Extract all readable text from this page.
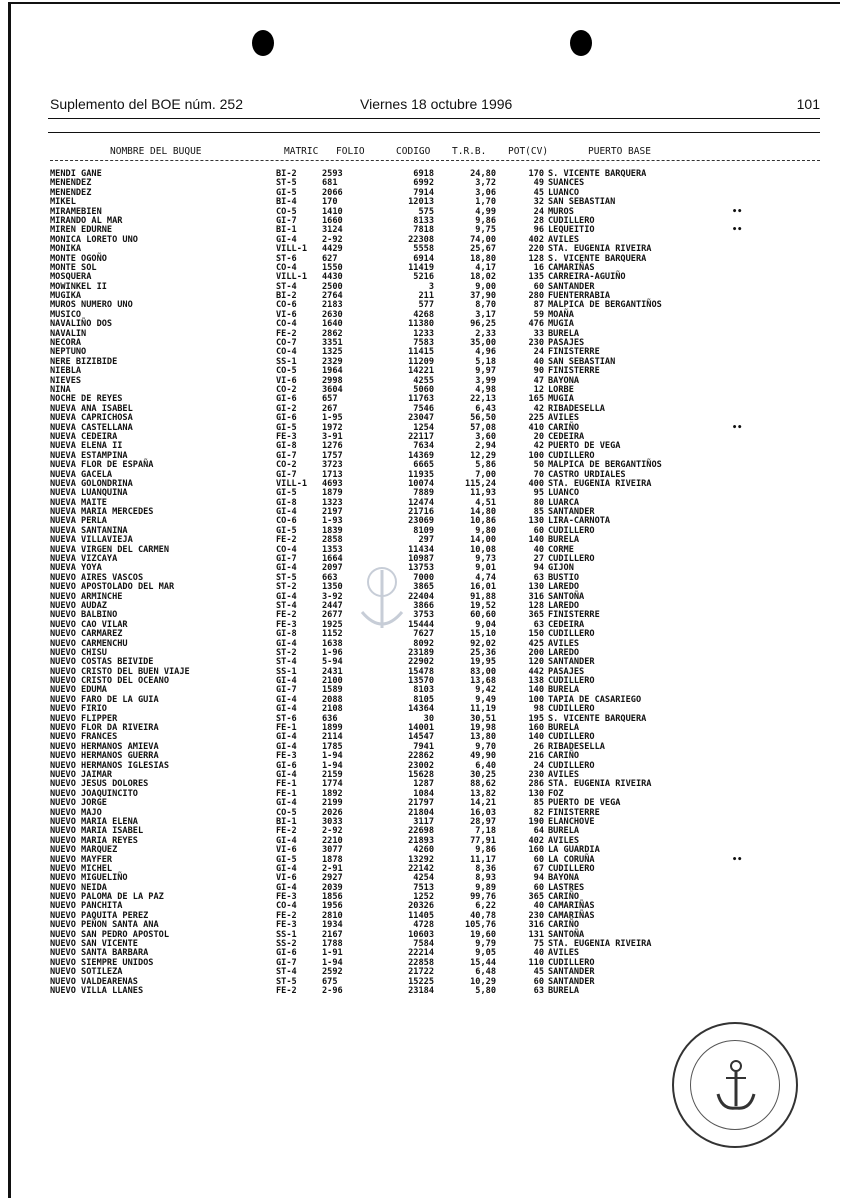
Suplemento del BOE núm. 252	Viernes 18 octubre 1996	101
NOMBRE DEL BUQUE	MATRIC FOLIO	CODIGO T.R.B. POT(CV)	PUERTO BASE
MENDI GANE	BI-2	2593	6918	24,80	170 S. VICENTE BARQUERA
MENENDEZ	ST-5	681	6992	3,72	49 SUANCES
MENENDEZ	GI-5	2066	7914	3,06	45 LUANCO
MIKEL	BI-4	170	12013	1,70	32 SAN SEBASTIAN
MIRAMEBIEN	CO-5	1410	575	4,99	24 MUROS	••
MIRANDO AL MAR	GI-7	1660	8133	9,86	28 CUDILLERO
MIREN EDURNE	BI-1	3124	7818	9,75	96 LEQUEITIO	••
MONICA LORETO UNO	GI-4	2-92	22308	74,00	402 AVILES
MONIKA	VILL-1 4429	5558	25,67	220 STA. EUGENIA RIVEIRA
MONTE OGOÑO	ST-6	627	6914	18,80	128 S. VICENTE BARQUERA
MONTE SOL	CO-4	1550	11419	4,17	16 CAMARIÑAS
MOSQUERA	VILL-1 4430	5216	18,02	135 CARREIRA-AGUIÑO
MOWINKEL II	ST-4	2500	3	9,00	60 SANTANDER
MUGIKA	BI-2	2764	211	37,90	280 FUENTERRABIA
MUROS NUMERO UNO	CO-6	2183	577	8,70	87 MALPICA DE BERGANTIÑOS
MUSICO	VI-6	2630	4268	3,17	59 MOAÑA
NAVALIÑO DOS	CO-4	1640	11380	96,25	476 MUGIA
NAVALIN	FE-2	2862	1233	2,33	33 BURELA
NECORA	CO-7	3351	7583	35,00	230 PASAJES
NEPTUNO	CO-4	1325	11415	4,96	24 FINISTERRE
NERE BIZIBIDE	SS-1	2329	11209	5,18	40 SAN SEBASTIAN
NIEBLA	CO-5	1964	14221	9,97	90 FINISTERRE
NIEVES	VI-6	2998	4255	3,99	47 BAYONA
NINA	CO-2	3604	5060	4,98	12 LORBE
NOCHE DE REYES	GI-6	657	11763	22,13	165 MUGIA
NUEVA ANA ISABEL	GI-2	267	7546	6,43	42 RIBADESELLA
NUEVA CAPRICHOSA	GI-6	1-95	23047	56,50	225 AVILES
NUEVA CASTELLANA	GI-5	1972	1254	57,08	410 CARIÑO	••
NUEVA CEDEIRA	FE-3	3-91	22117	3,60	20 CEDEIRA
NUEVA ELENA II	GI-8	1276	7634	2,94	42 PUERTO DE VEGA
NUEVA ESTAMPINA	GI-7	1757	14369	12,29	100 CUDILLERO
NUEVA FLOR DE ESPAÑA	CO-2	3723	6665	5,86	50 MALPICA DE BERGANTIÑOS
NUEVA GACELA	GI-7	1713	11935	7,00	70 CASTRO URDIALES
NUEVA GOLONDRINA	VILL-1 4693	10074	115,24	400 STA. EUGENIA RIVEIRA
NUEVA LUANQUINA	GI-5	1879	7889	11,93	95 LUANCO
NUEVA MAITE	GI-8	1323	12474	4,51	80 LUARCA
NUEVA MARIA MERCEDES	GI-4	2197	21716	14,80	85 SANTANDER
NUEVA PERLA	CO-6	1-93	23069	10,86	130 LIRA-CARNOTA
NUEVA SANTANINA	GI-5	1839	8109	9,80	60 CUDILLERO
NUEVA VILLAVIEJA	FE-2	2858	297	14,00	140 BURELA
NUEVA VIRGEN DEL CARMEN	CO-4	1353	11434	10,08	40 CORME
NUEVA VIZCAYA	GI-7	1664	10987	9,73	27 CUDILLERO
NUEVA YOYA	GI-4	2097	13753	9,01	94 GIJON
NUEVO AIRES VASCOS	ST-5	663	7000	4,74	63 BUSTIO
NUEVO APOSTOLADO DEL MAR	ST-2	1350	3865	16,01	130 LAREDO
NUEVO ARMINCHE	GI-4	3-92	22404	91,88	316 SANTOÑA
NUEVO AUDAZ	ST-4	2447	3866	19,52	128 LAREDO
NUEVO BALBINO	FE-2	2677	3753	60,60	365 FINISTERRE
NUEVO CAO VILAR	FE-3	1925	15444	9,04	63 CEDEIRA
NUEVO CARMAREZ	GI-8	1152	7627	15,10	150 CUDILLERO
NUEVO CARMENCHU	GI-4	1638	8092	92,02	425 AVILES
NUEVO CHISU	ST-2	1-96	23189	25,36	200 LAREDO
NUEVO COSTAS BEIVIDE	ST-4	5-94	22902	19,95	120 SANTANDER
NUEVO CRISTO DEL BUEN VIAJE	SS-1	2431	15478	83,00	442 PASAJES
NUEVO CRISTO DEL OCEANO	GI-4	2100	13570	13,68	138 CUDILLERO
NUEVO EDUMA	GI-7	1589	8103	9,42	140 BURELA
NUEVO FARO DE LA GUIA	GI-4	2088	8105	9,49	100 TAPIA DE CASARIEGO
NUEVO FIRIO	GI-4	2108	14364	11,19	98 CUDILLERO
NUEVO FLIPPER	ST-6	636	30	30,51	195 S. VICENTE BARQUERA
NUEVO FLOR DA RIVEIRA	FE-1	1899	14001	19,98	160 BURELA
NUEVO FRANCES	GI-4	2114	14547	13,80	140 CUDILLERO
NUEVO HERMANOS AMIEVA	GI-4	1785	7941	9,70	26 RIBADESELLA
NUEVO HERMANOS GUERRA	FE-3	1-94	22862	49,90	216 CARIÑO
NUEVO HERMANOS IGLESIAS	GI-6	1-94	23002	6,40	24 CUDILLERO
NUEVO JAIMAR	GI-4	2159	15628	30,25	230 AVILES
NUEVO JESUS DOLORES	FE-1	1774	1287	88,62	286 STA. EUGENIA RIVEIRA
NUEVO JOAQUINCITO	FE-1	1892	1084	13,82	130 FOZ
NUEVO JORGE	GI-4	2199	21797	14,21	85 PUERTO DE VEGA
NUEVO MAJO	CO-5	2026	21804	16,03	82 FINISTERRE
NUEVO MARIA ELENA	BI-1	3033	3117	28,97	190 ELANCHOVE
NUEVO MARIA ISABEL	FE-2	2-92	22698	7,18	64 BURELA
NUEVO MARIA REYES	GI-4	2210	21893	77,91	402 AVILES
NUEVO MARQUEZ	VI-6	3077	4260	9,86	160 LA GUARDIA
NUEVO MAYFER	GI-5	1878	13292	11,17	60 LA CORUÑA	••
NUEVO MICHEL	GI-4	2-91	22142	8,36	67 CUDILLERO
NUEVO MIGUELIÑO	VI-6	2927	4254	8,93	94 BAYONA
NUEVO NEIDA	GI-4	2039	7513	9,89	60 LASTRES
NUEVO PALOMA DE LA PAZ	FE-3	1856	1252	99,76	365 CARIÑO
NUEVO PANCHITA	CO-4	1956	20326	6,22	40 CAMARIÑAS
NUEVO PAQUITA PEREZ	FE-2	2810	11405	40,78	230 CAMARIÑAS
NUEVO PEÑON SANTA ANA	FE-3	1934	4728	105,76	316 CARIÑO
NUEVO SAN PEDRO APOSTOL	SS-1	2167	10603	19,60	131 SANTOÑA
NUEVO SAN VICENTE	SS-2	1788	7584	9,79	75 STA. EUGENIA RIVEIRA
NUEVO SANTA BARBARA	GI-6	1-91	22214	9,05	40 AVILES
NUEVO SIEMPRE UNIDOS	GI-7	1-94	22858	15,44	110 CUDILLERO
NUEVO SOTILEZA	ST-4	2592	21722	6,48	45 SANTANDER
NUEVO VALDEARENAS	ST-5	675	15225	10,29	60 SANTANDER
NUEVO VILLA LLANES	FE-2	2-96	23184	5,80	63 BURELA
